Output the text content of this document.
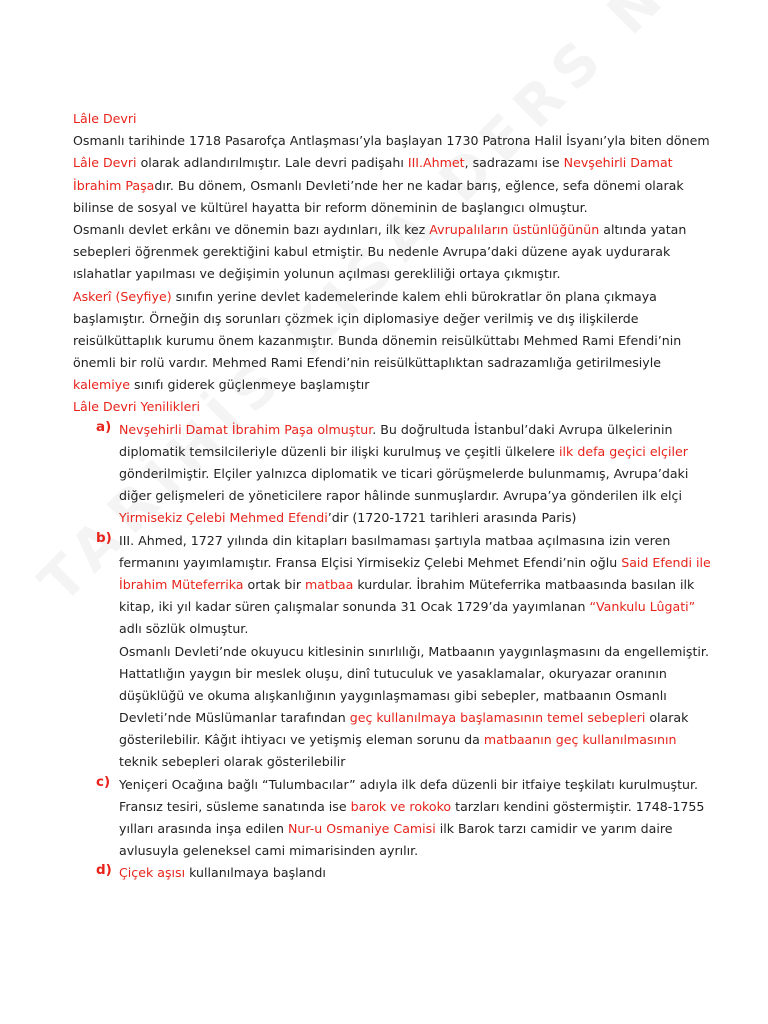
Lâle Devri
Osmanlı tarihinde 1718 Pasarofça Antlaşması’yla başlayan 1730 Patrona Halil İsyanı’yla biten dönem
Lâle Devri olarak adlandırılmıştır. Lale devri padişahı III.Ahmet, sadrazamı ise Nevşehirli Damat
İbrahim Paşadır. Bu dönem, Osmanlı Devleti’nde her ne kadar barış, eğlence, sefa dönemi olarak
bilinse de sosyal ve kültürel hayatta bir reform döneminin de başlangıcı olmuştur.
Osmanlı devlet erkânı ve dönemin bazı aydınları, ilk kez Avrupalıların üstünlüğünün altında yatan
sebepleri öğrenmek gerektiğini kabul etmiştir. Bu nedenle Avrupa’daki düzene ayak uydurarak
ıslahatlar yapılması ve değişimin yolunun açılması gerekliliği ortaya çıkmıştır.
Askerî (Seyfiye) sınıfın yerine devlet kademelerinde kalem ehli bürokratlar ön plana çıkmaya
başlamıştır. Örneğin dış sorunları çözmek için diplomasiye değer verilmiş ve dış ilişkilerde
reisülküttaplık kurumu önem kazanmıştır. Bunda dönemin reisülküttabı Mehmed Rami Efendi’nin
önemli bir rolü vardır. Mehmed Rami Efendi’nin reisülküttaplıktan sadrazamlığa getirilmesiyle
kalemiye sınıfı giderek güçlenmeye başlamıştır
Lâle Devri Yenilikleri
a) Nevşehirli Damat İbrahim Paşa olmuştur. Bu doğrultuda İstanbul’daki Avrupa ülkelerinin
diplomatik temsilcileriyle düzenli bir ilişki kurulmuş ve çeşitli ülkelere ilk defa geçici elçiler
gönderilmiştir. Elçiler yalnızca diplomatik ve ticari görüşmelerde bulunmamış, Avrupa’daki
diğer gelişmeleri de yöneticilere rapor hâlinde sunmuşlardır. Avrupa’ya gönderilen ilk elçi
Yirmisekiz Çelebi Mehmed Efendi’dir (1720-1721 tarihleri arasında Paris)
b) III. Ahmed, 1727 yılında din kitapları basılmaması şartıyla matbaa açılmasına izin veren
fermanını yayımlamıştır. Fransa Elçisi Yirmisekiz Çelebi Mehmet Efendi’nin oğlu Said Efendi ile
İbrahim Müteferrika ortak bir matbaa kurdular. İbrahim Müteferrika matbaasında basılan ilk
kitap, iki yıl kadar süren çalışmalar sonunda 31 Ocak 1729’da yayımlanan “Vankulu Lûgati”
adlı sözlük olmuştur.
Osmanlı Devleti’nde okuyucu kitlesinin sınırlılığı, Matbaanın yaygınlaşmasını da engellemiştir.
Hattatlığın yaygın bir meslek oluşu, dinî tutuculuk ve yasaklamalar, okuryazar oranının
düşüklüğü ve okuma alışkanlığının yaygınlaşmaması gibi sebepler, matbaanın Osmanlı
Devleti’nde Müslümanlar tarafından geç kullanılmaya başlamasının temel sebepleri olarak
gösterilebilir. Kâğıt ihtiyacı ve yetişmiş eleman sorunu da matbaanın geç kullanılmasının
teknik sebepleri olarak gösterilebilir
c) Yeniçeri Ocağına bağlı “Tulumbacılar” adıyla ilk defa düzenli bir itfaiye teşkilatı kurulmuştur.
Fransız tesiri, süsleme sanatında ise barok ve rokoko tarzları kendini göstermiştir. 1748-1755
yılları arasında inşa edilen Nur-u Osmaniye Camisi ilk Barok tarzı camidir ve yarım daire
avlusuyla geleneksel cami mimarisinden ayrılır.
d) Çiçek aşısı kullanılmaya başlandı
